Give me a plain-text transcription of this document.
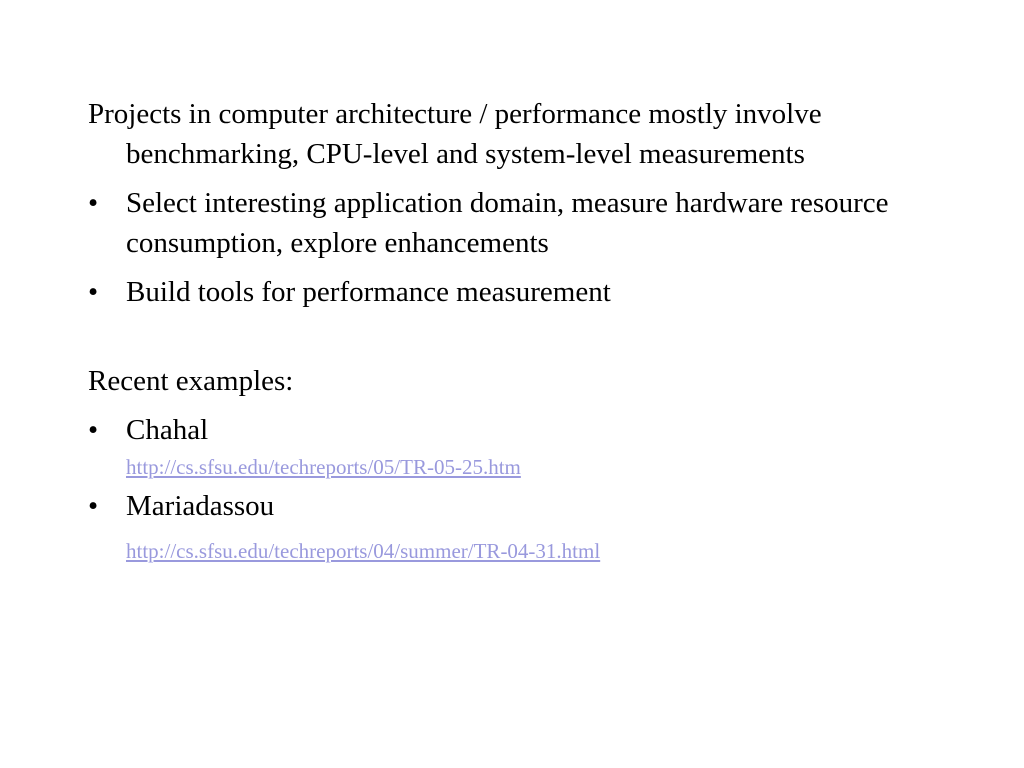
Projects in computer architecture / performance mostly involve benchmarking, CPU-level and system-level measurements

• Select interesting application domain, measure hardware resource consumption, explore enhancements

• Build tools for performance measurement

Recent examples:

• Chahal

http://cs.sfsu.edu/techreports/05/TR-05-25.htm

• Mariadassou

http://cs.sfsu.edu/techreports/04/summer/TR-04-31.html
